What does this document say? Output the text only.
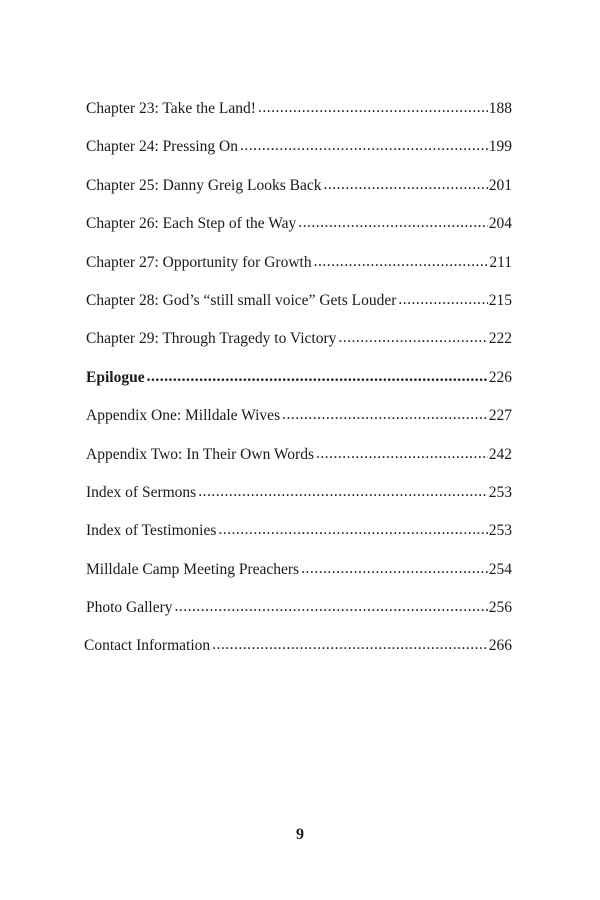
Chapter 23: Take the Land! .....	188
Chapter 24: Pressing On .....	199
Chapter 25: Danny Greig Looks Back .....	201
Chapter 26: Each Step of the Way .....	204
Chapter 27: Opportunity for Growth .....	211
Chapter 28: God’s “still small voice” Gets Louder .....	215
Chapter 29: Through Tragedy to Victory .....	222
Epilogue .....	226
Appendix One: Milldale Wives .....	227
Appendix Two: In Their Own Words .....	242
Index of Sermons .....	253
Index of Testimonies .....	253
Milldale Camp Meeting Preachers .....	254
Photo Gallery .....	256
Contact Information .....	266
9
